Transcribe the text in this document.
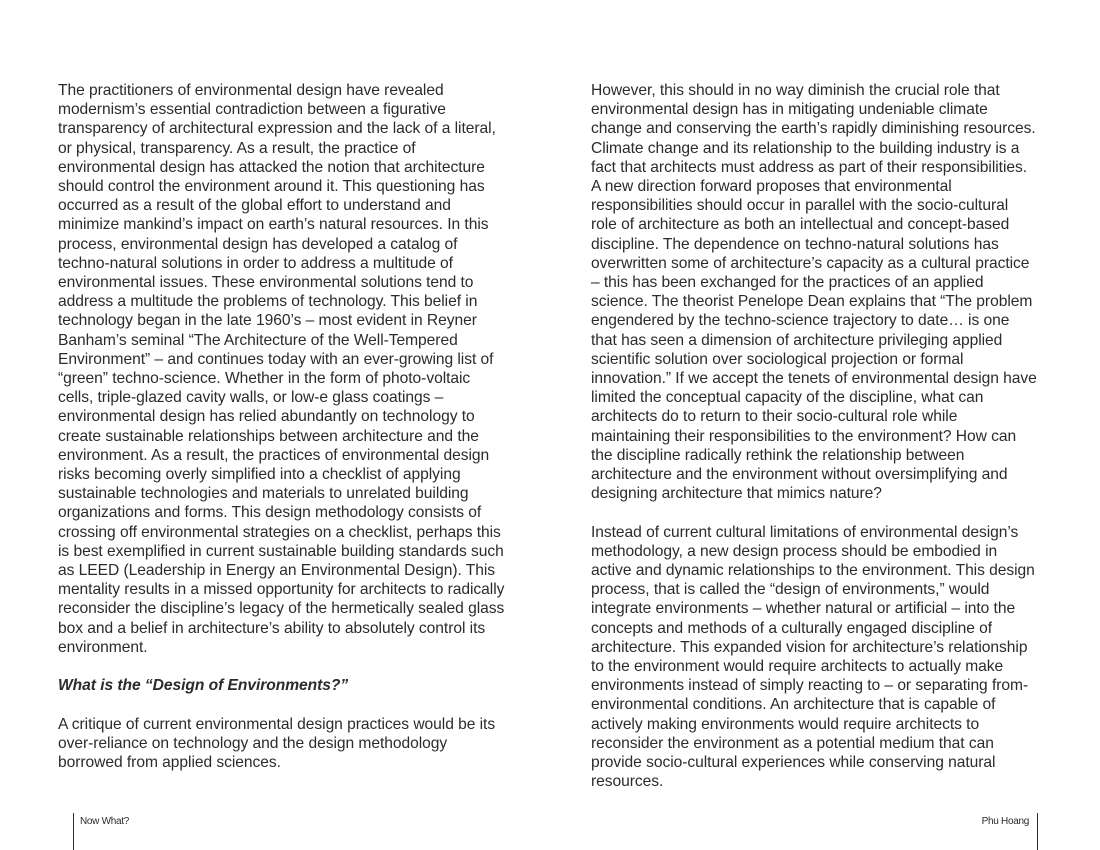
The practitioners of environmental design have revealed
modernism’s essential contradiction between a figurative
transparency of architectural expression and the lack of a literal,
or physical, transparency. As a result, the practice of
environmental design has attacked the notion that architecture
should control the environment around it. This questioning has
occurred as a result of the global effort to understand and
minimize mankind’s impact on earth’s natural resources. In this
process, environmental design has developed a catalog of
techno-natural solutions in order to address a multitude of
environmental issues. These environmental solutions tend to
address a multitude the problems of technology. This belief in
technology began in the late 1960’s – most evident in Reyner
Banham’s seminal “The Architecture of the Well-Tempered
Environment” – and continues today with an ever-growing list of
“green” techno-science. Whether in the form of photo-voltaic
cells, triple-glazed cavity walls, or low-e glass coatings –
environmental design has relied abundantly on technology to
create sustainable relationships between architecture and the
environment. As a result, the practices of environmental design
risks becoming overly simplified into a checklist of applying
sustainable technologies and materials to unrelated building
organizations and forms. This design methodology consists of
crossing off environmental strategies on a checklist, perhaps this
is best exemplified in current sustainable building standards such
as LEED (Leadership in Energy an Environmental Design). This
mentality results in a missed opportunity for architects to radically
reconsider the discipline’s legacy of the hermetically sealed glass
box and a belief in architecture’s ability to absolutely control its
environment.
What is the “Design of Environments?”
A critique of current environmental design practices would be its
over-reliance on technology and the design methodology
borrowed from applied sciences.
However, this should in no way diminish the crucial role that
environmental design has in mitigating undeniable climate
change and conserving the earth’s rapidly diminishing resources.
Climate change and its relationship to the building industry is a
fact that architects must address as part of their responsibilities.
A new direction forward proposes that environmental
responsibilities should occur in parallel with the socio-cultural
role of architecture as both an intellectual and concept-based
discipline. The dependence on techno-natural solutions has
overwritten some of architecture’s capacity as a cultural practice
– this has been exchanged for the practices of an applied
science. The theorist Penelope Dean explains that “The problem
engendered by the techno-science trajectory to date… is one
that has seen a dimension of architecture privileging applied
scientific solution over sociological projection or formal
innovation.” If we accept the tenets of environmental design have
limited the conceptual capacity of the discipline, what can
architects do to return to their socio-cultural role while
maintaining their responsibilities to the environment? How can
the discipline radically rethink the relationship between
architecture and the environment without oversimplifying and
designing architecture that mimics nature?
Instead of current cultural limitations of environmental design’s
methodology, a new design process should be embodied in
active and dynamic relationships to the environment. This design
process, that is called the “design of environments,” would
integrate environments – whether natural or artificial – into the
concepts and methods of a culturally engaged discipline of
architecture. This expanded vision for architecture’s relationship
to the environment would require architects to actually make
environments instead of simply reacting to – or separating from-
environmental conditions. An architecture that is capable of
actively making environments would require architects to
reconsider the environment as a potential medium that can
provide socio-cultural experiences while conserving natural
resources.
Now What?	Phu Hoang
